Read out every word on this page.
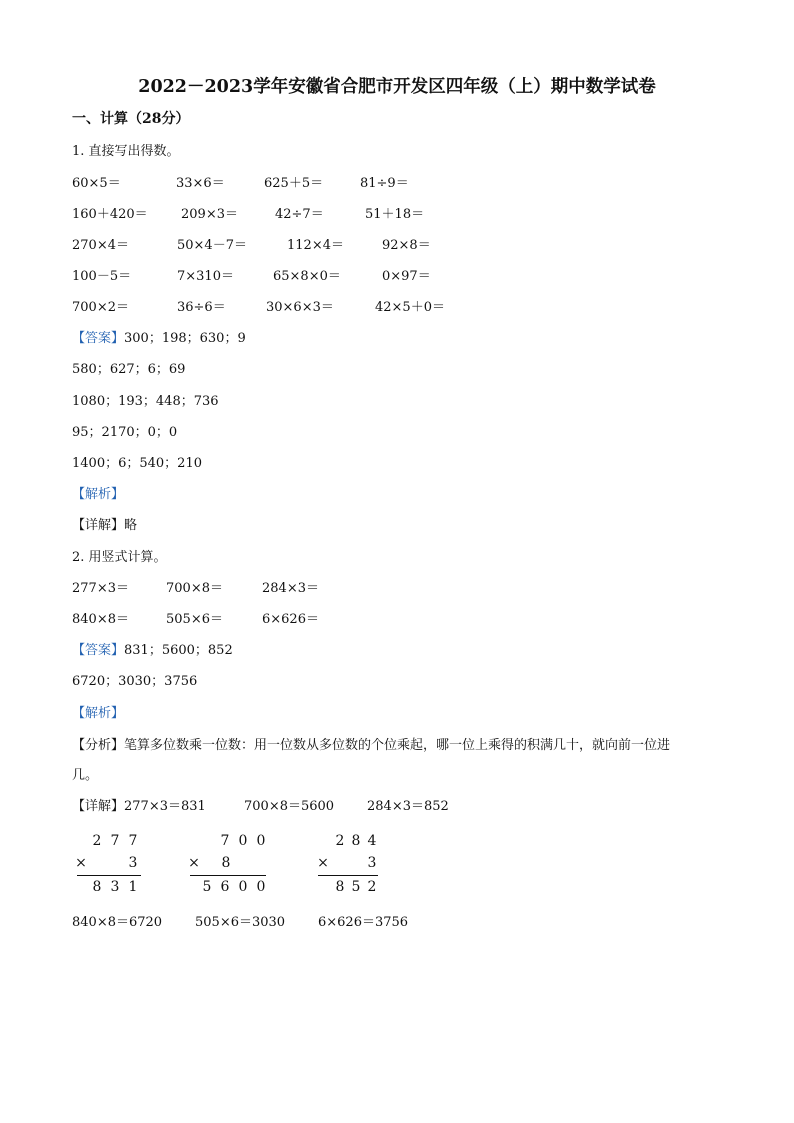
2022－2023学年安徽省合肥市开发区四年级（上）期中数学试卷
一、计算（28分）
1. 直接写出得数。
60×5＝	33×6＝	625＋5＝	81÷9＝
160＋420＝	209×3＝	42÷7＝	51＋18＝
270×4＝	50×4－7＝	112×4＝	92×8＝
100－5＝	7×310＝	65×8×0＝	0×97＝
700×2＝	36÷6＝	30×6×3＝	42×5＋0＝
【答案】300；198；630；9
580；627；6；69
1080；193；448；736
95；2170；0；0
1400；6；540；210
【解析】
【详解】略
2. 用竖式计算。
277×3＝	700×8＝	284×3＝
840×8＝	505×6＝	6×626＝
【答案】831；5600；852
6720；3030；3756
【解析】
【分析】笔算多位数乘一位数：用一位数从多位数的个位乘起，哪一位上乘得的积满几十，就向前一位进
几。
【详解】277×3＝831	700×8＝5600	284×3＝852
2 7 7
×	3
8 3 1
7 0 0
× 8
5 6 0 0
2 8 4
×	3
8 5 2
840×8＝6720	505×6＝3030	6×626＝3756
